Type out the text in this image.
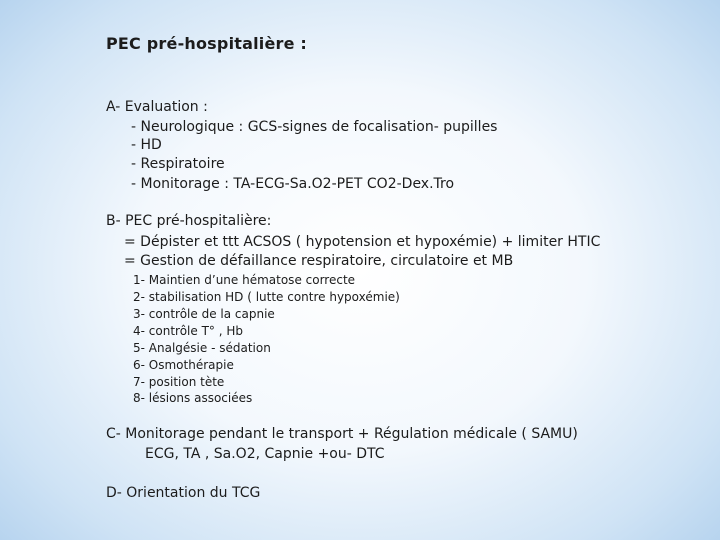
PEC pré-hospitalière :
A- Evaluation :
- Neurologique : GCS-signes de focalisation- pupilles
- HD
- Respiratoire
- Monitorage : TA-ECG-Sa.O2-PET CO2-Dex.Tro
B- PEC pré-hospitalière:
= Dépister et ttt ACSOS ( hypotension et hypoxémie) + limiter HTIC
= Gestion de défaillance respiratoire, circulatoire et MB
1- Maintien d’une hématose correcte
2- stabilisation HD ( lutte contre hypoxémie)
3- contrôle de la capnie
4- contrôle T° , Hb
5- Analgésie - sédation
6- Osmothérapie
7- position tète
8- lésions associées
C- Monitorage pendant le transport + Régulation médicale ( SAMU)
ECG, TA , Sa.O2, Capnie +ou- DTC
D- Orientation du TCG
